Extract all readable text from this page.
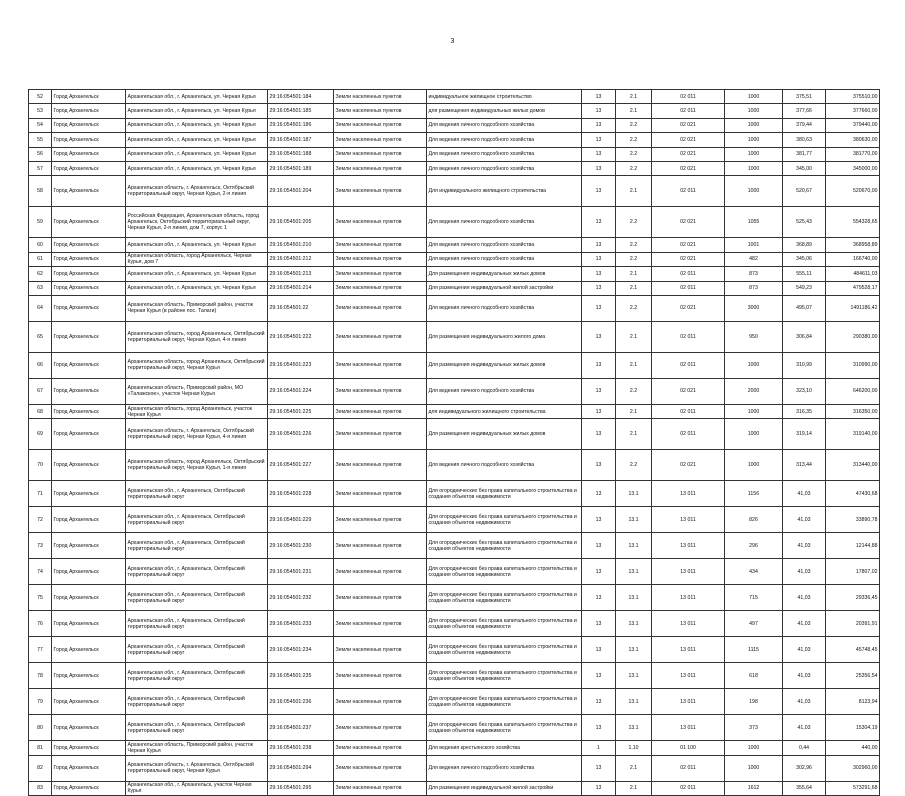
3
52	Город Архангельск	Архангельская обл., г. Архангельск, ул. Черная Курья	29:16:054501:184	Земли населенных пунктов	индивидуальное жилищное строительство	13	2.1	02 011	1000	375,51	375510,00
53	Город Архангельск	Архангельская обл., г. Архангельск, ул. Черная Курья	29:16:054501:185	Земли населенных пунктов	для размещения индивидуальных жилых домов	13	2.1	02 011	1000	377,66	377660,00
54	Город Архангельск	Архангельская обл., г. Архангельск, ул. Черная Курья	29:16:054501:186	Земли населенных пунктов	Для ведения личного подсобного хозяйства	13	2.2	02 021	1000	379,44	379440,00
55	Город Архангельск	Архангельская обл., г. Архангельск, ул. Черная Курья	29:16:054501:187	Земли населенных пунктов	Для ведения личного подсобного хозяйства	13	2.2	02 021	1000	380,63	380630,00
56	Город Архангельск	Архангельская обл., г. Архангельск, ул. Черная Курья	29:16:054501:188	Земли населенных пунктов	Для ведения личного подсобного хозяйства	13	2.2	02 021	1000	381,77	381770,00
57	Город Архангельск	Архангельская обл., г. Архангельск, ул. Черная Курья	29:16:054501:189	Земли населенных пунктов	Для ведения личного подсобного хозяйства	13	2.2	02 021	1000	345,00	345000,00
58	Город Архангельск	Архангельская область, г. Архангельск, Октябрьский территориальный округ, Черная Курья, 2-я линия	29:16:054501:204	Земли населенных пунктов	Для индивидуального жилищного строительства	13	2.1	02 011	1000	520,67	520670,00
59	Город Архангельск	Российская Федерация, Архангельская область, город Архангельск, Октябрьский территориальный округ, Черная Курья, 2-я линия, дом 7, корпус 1	29:16:054501:205	Земли населенных пунктов	Для ведения личного подсобного хозяйства	13	2.2	02 021	1055	525,43	554328,65
60	Город Архангельск	Архангельская обл., г. Архангельск, ул. Черная Курья	29:16:054501:210	Земли населенных пунктов	Для ведения личного подсобного хозяйства	13	2.2	02 021	1001	368,89	368958,89
61	Город Архангельск	Архангельская область, город Архангельск, Черная Курья, дом 7	29:16:054501:212	Земли населенных пунктов	Для ведения личного подсобного хозяйства	13	2.2	02 021	482	345,06	166740,00
62	Город Архангельск	Архангельская обл., г. Архангельск, ул. Черная Курья	29:16:054501:213	Земли населенных пунктов	Для размещения индивидуальных жилых домов	13	2.1	02 011	873	555,11	484611,03
63	Город Архангельск	Архангельская обл., г. Архангельск, ул. Черная Курья	29:16:054501:214	Земли населенных пунктов	Для размещения индивидуальной жилой застройки	13	2.1	02 011	873	549,23	479528,17
64	Город Архангельск	Архангельская область, Приморский район, участок Черная Курья (в районе пос. Талаги)	29:16:054501:22	Земли населенных пунктов	Для ведения личного подсобного хозяйства	13	2.2	02 021	3000	495,07	1491186,42
65	Город Архангельск	Архангельская область, город Архангельск, Октябрьский территориальный округ, Черная Курья, 4-я линия	29:16:054501:222	Земли населенных пунктов	Для размещения индивидуального жилого дома	13	2.1	02 011	950	306,84	290380,00
66	Город Архангельск	Архангельская область, город Архангельск, Октябрьский территориальный округ, Черная Курья	29:16:054501:223	Земли населенных пунктов	Для размещения индивидуальных жилых домов	13	2.1	02 011	1000	310,99	310990,00
67	Город Архангельск	Архангельская область, Приморский район, МО «Талажское», участок Черная Курья	29:16:054501:224	Земли населенных пунктов	Для ведения личного подсобного хозяйства	13	2.2	02 021	2000	323,10	646200,00
68	Город Архангельск	Архангельская область, город Архангельск, участок Черная Курья	29:16:054501:225	Земли населенных пунктов	для индивидуального жилищного строительства	13	2.1	02 011	1000	316,35	316350,00
69	Город Архангельск	Архангельская область, г. Архангельск, Октябрьский территориальный округ, Черная Курья, 4-я линия	29:16:054501:226	Земли населенных пунктов	Для размещения индивидуальных жилых домов	13	2.1	02 011	1000	319,14	319140,00
70	Город Архангельск	Архангельская область, город Архангельск, Октябрьский территориальный округ, Черная Курья, 1-я линия	29:16:054501:227	Земли населенных пунктов	Для ведения личного подсобного хозяйства	13	2.2	02 021	1000	313,44	313440,00
71	Город Архангельск	Архангельская обл., г. Архангельск, Октябрьский территориальный округ	29:16:054501:228	Земли населенных пунктов	Для огороднических без права капитального строительства и создания объектов недвижимости	13	13.1	13 011	1156	41,03	47430,68
72	Город Архангельск	Архангельская обл., г. Архангельск, Октябрьский территориальный округ	29:16:054501:229	Земли населенных пунктов	Для огороднических без права капитального строительства и создания объектов недвижимости	13	13.1	13 011	826	41,03	33890,78
73	Город Архангельск	Архангельская обл., г. Архангельск, Октябрьский территориальный округ	29:16:054501:230	Земли населенных пунктов	Для огороднических без права капитального строительства и создания объектов недвижимости	13	13.1	13 011	296	41,03	12144,88
74	Город Архангельск	Архангельская обл., г. Архангельск, Октябрьский территориальный округ	29:16:054501:231	Земли населенных пунктов	Для огороднических без права капитального строительства и создания объектов недвижимости	13	13.1	13 011	434	41,03	17807,02
75	Город Архангельск	Архангельская обл., г. Архангельск, Октябрьский территориальный округ	29:16:054501:232	Земли населенных пунктов	Для огороднических без права капитального строительства и создания объектов недвижимости	13	13.1	13 011	715	41,03	29336,45
76	Город Архангельск	Архангельская обл., г. Архангельск, Октябрьский территориальный округ	29:16:054501:233	Земли населенных пунктов	Для огороднических без права капитального строительства и создания объектов недвижимости	13	13.1	13 011	497	41,03	20391,91
77	Город Архангельск	Архангельская обл., г. Архангельск, Октябрьский территориальный округ	29:16:054501:234	Земли населенных пунктов	Для огороднических без права капитального строительства и создания объектов недвижимости	13	13.1	13 011	1115	41,03	45748,45
78	Город Архангельск	Архангельская обл., г. Архангельск, Октябрьский территориальный округ	29:16:054501:235	Земли населенных пунктов	Для огороднических без права капитального строительства и создания объектов недвижимости	13	13.1	13 011	618	41,03	25356,54
79	Город Архангельск	Архангельская обл., г. Архангельск, Октябрьский территориальный округ	29:16:054501:236	Земли населенных пунктов	Для огороднических без права капитального строительства и создания объектов недвижимости	13	13.1	13 011	198	41,03	8123,94
80	Город Архангельск	Архангельская обл., г. Архангельск, Октябрьский территориальный округ	29:16:054501:237	Земли населенных пунктов	Для огороднических без права капитального строительства и создания объектов недвижимости	13	13.1	13 011	373	41,03	15304,19
81	Город Архангельск	Архангельская область, Приморский район, участок Черная Курья	29:16:054501:238	Земли населенных пунктов	Для ведения крестьянского хозяйства	1	1.10	01 100	1000	0,44	440,00
82	Город Архангельск	Архангельская область, г. Архангельск, Октябрьский территориальный округ, Черная Курья	29:16:054501:294	Земли населенных пунктов	Для ведения личного подсобного хозяйства	13	2.1	02 011	1000	302,96	302960,00
83	Город Архангельск	Архангельская обл., г. Архангельск, участок Черная Курья	29:16:054501:295	Земли населенных пунктов	Для размещения индивидуальной жилой застройки	13	2.1	02 011	1612	355,64	573291,68
